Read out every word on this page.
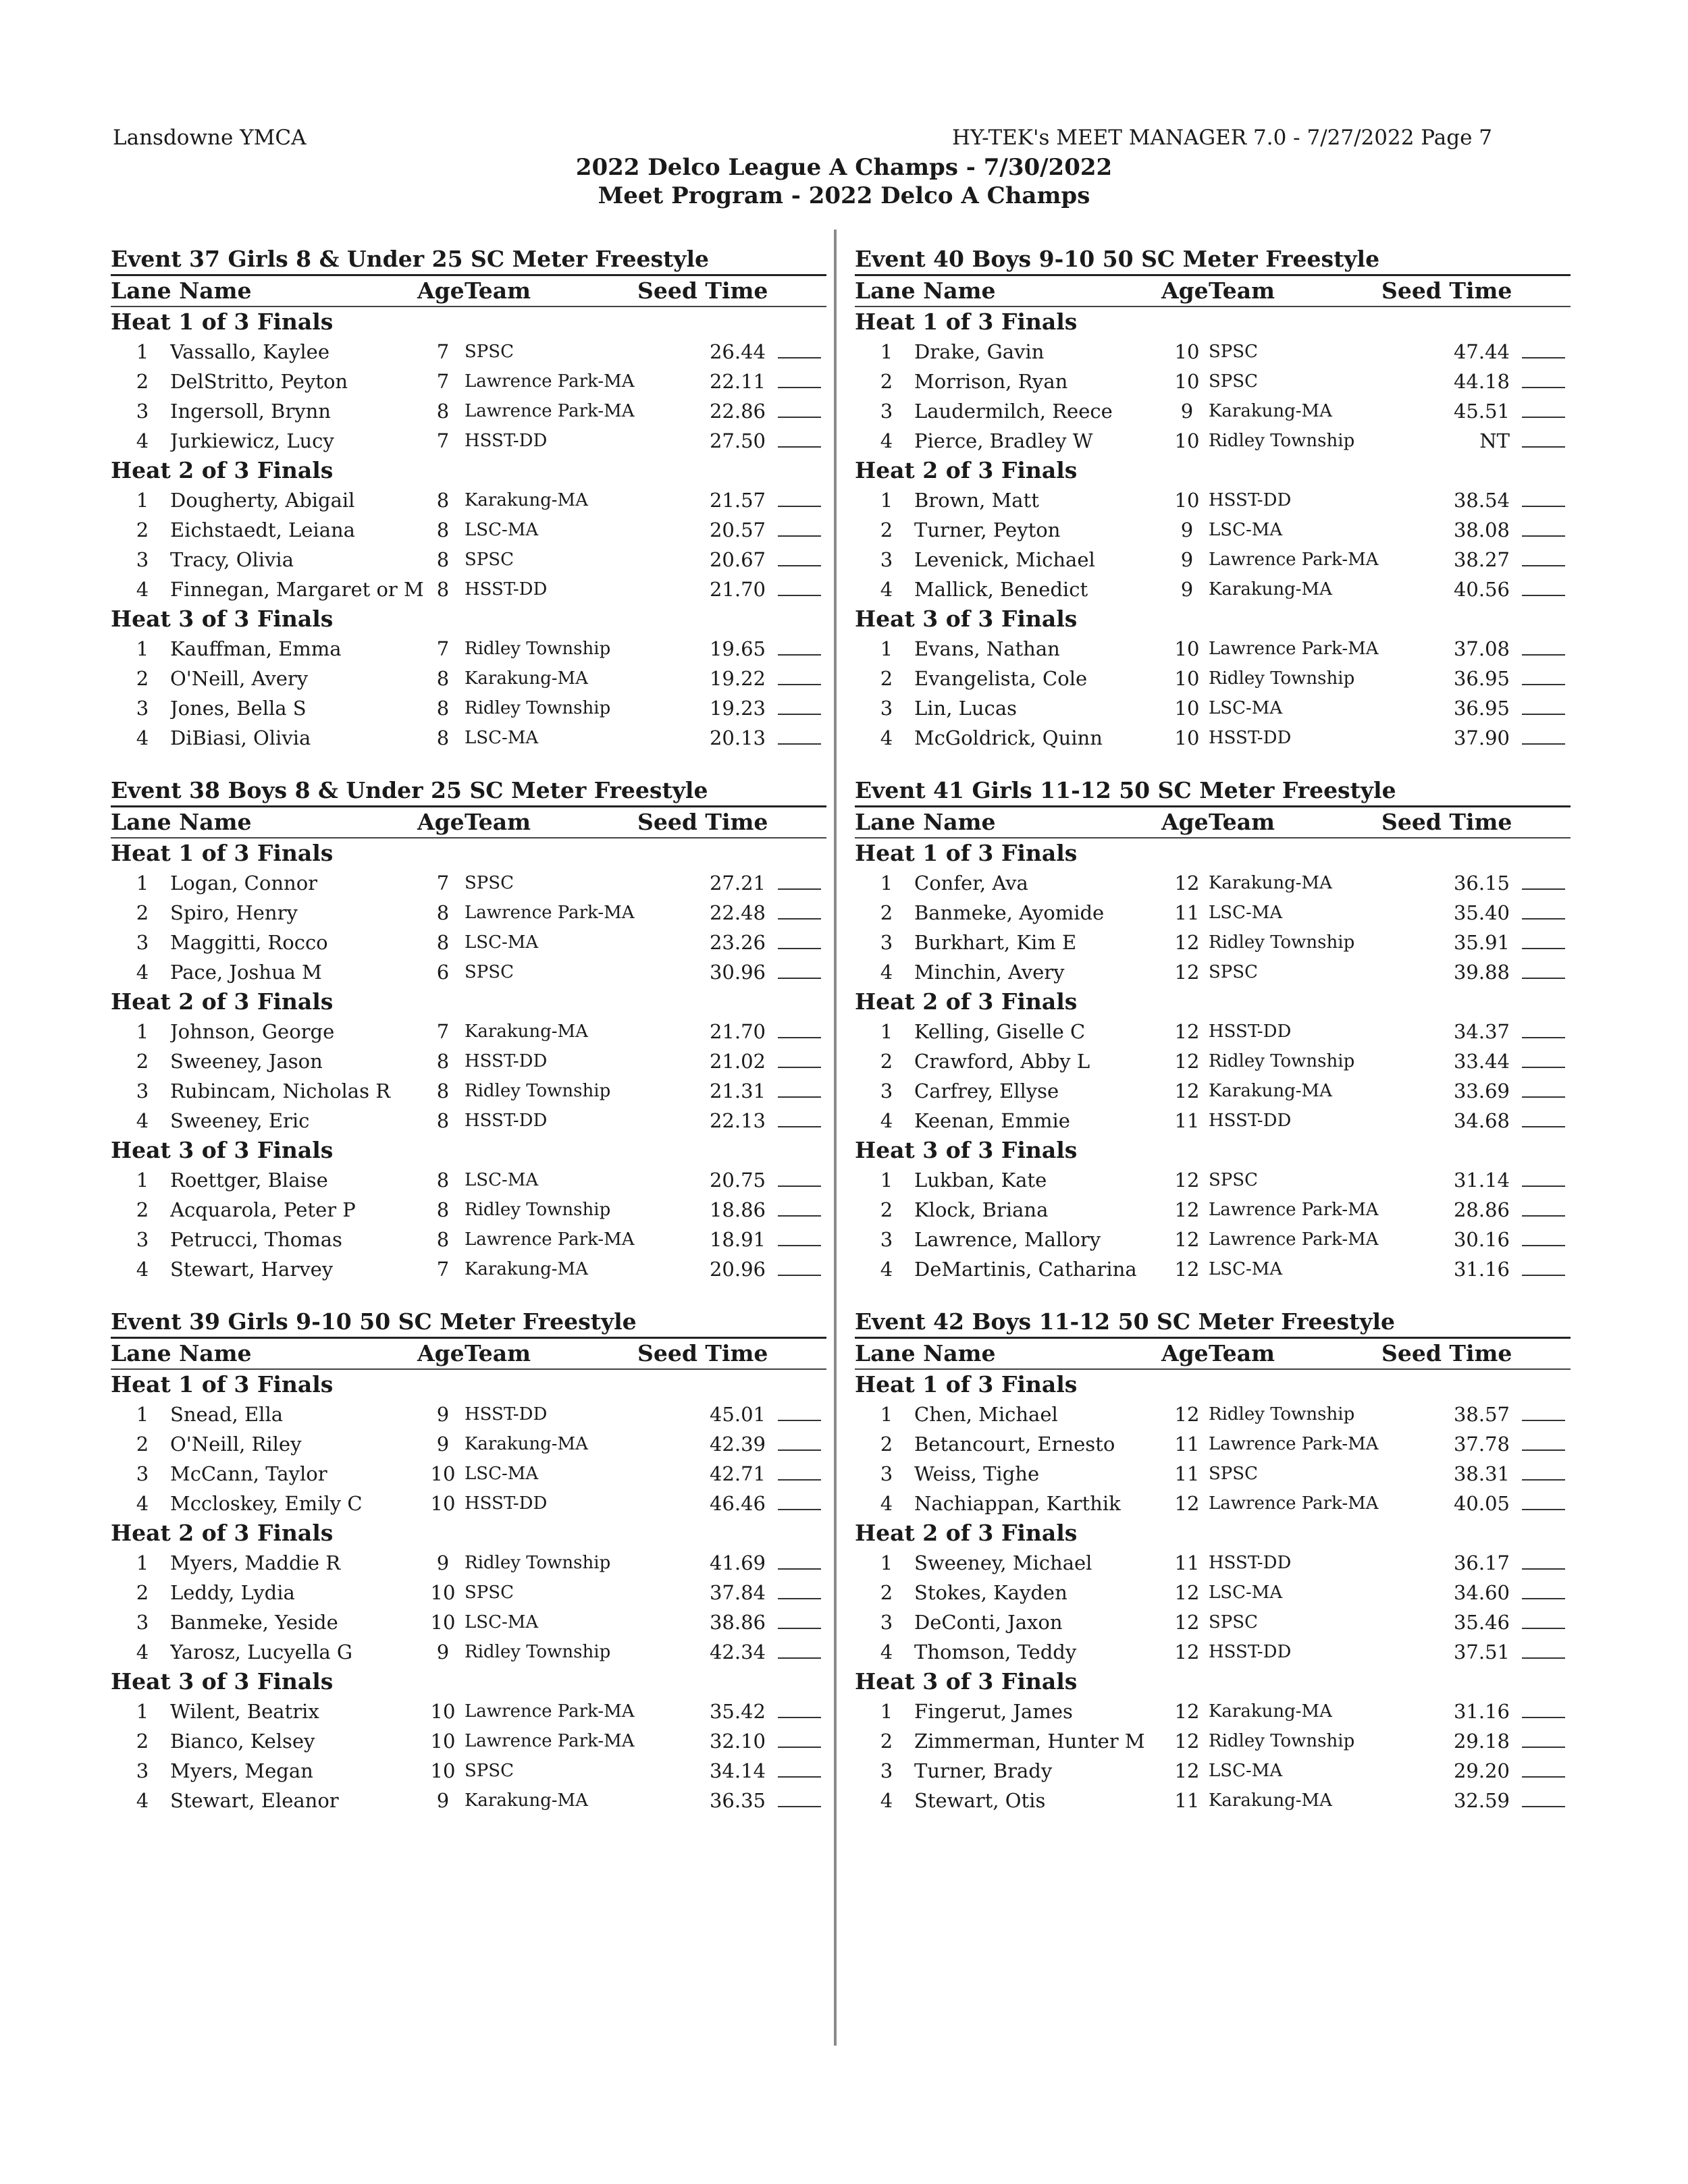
Lansdowne YMCA	HY-TEK's MEET MANAGER 7.0 - 7/27/2022 Page 7
2022 Delco League A Champs - 7/30/2022
Meet Program - 2022 Delco A Champs
Event 37 Girls 8 & Under 25 SC Meter Freestyle
Lane Name	Age Team	Seed Time
Heat 1 of 3 Finals
1 Vassallo, Kaylee	7 SPSC	26.44
2 DelStritto, Peyton	7 Lawrence Park-MA	22.11
3 Ingersoll, Brynn	8 Lawrence Park-MA	22.86
4 Jurkiewicz, Lucy	7 HSST-DD	27.50
Heat 2 of 3 Finals
1 Dougherty, Abigail	8 Karakung-MA	21.57
2 Eichstaedt, Leiana	8 LSC-MA	20.57
3 Tracy, Olivia	8 SPSC	20.67
4 Finnegan, Margaret or M 8 HSST-DD	21.70
Heat 3 of 3 Finals
1 Kauffman, Emma	7 Ridley Township	19.65
2 O'Neill, Avery	8 Karakung-MA	19.22
3 Jones, Bella S	8 Ridley Township	19.23
4 DiBiasi, Olivia	8 LSC-MA	20.13
Event 38 Boys 8 & Under 25 SC Meter Freestyle
Lane Name	Age Team	Seed Time
Heat 1 of 3 Finals
1 Logan, Connor	7 SPSC	27.21
2 Spiro, Henry	8 Lawrence Park-MA	22.48
3 Maggitti, Rocco	8 LSC-MA	23.26
4 Pace, Joshua M	6 SPSC	30.96
Heat 2 of 3 Finals
1 Johnson, George	7 Karakung-MA	21.70
2 Sweeney, Jason	8 HSST-DD	21.02
3 Rubincam, Nicholas R	8 Ridley Township	21.31
4 Sweeney, Eric	8 HSST-DD	22.13
Heat 3 of 3 Finals
1 Roettger, Blaise	8 LSC-MA	20.75
2 Acquarola, Peter P	8 Ridley Township	18.86
3 Petrucci, Thomas	8 Lawrence Park-MA	18.91
4 Stewart, Harvey	7 Karakung-MA	20.96
Event 39 Girls 9-10 50 SC Meter Freestyle
Lane Name	Age Team	Seed Time
Heat 1 of 3 Finals
1 Snead, Ella	9 HSST-DD	45.01
2 O'Neill, Riley	9 Karakung-MA	42.39
3 McCann, Taylor	10 LSC-MA	42.71
4 Mccloskey, Emily C	10 HSST-DD	46.46
Heat 2 of 3 Finals
1 Myers, Maddie R	9 Ridley Township	41.69
2 Leddy, Lydia	10 SPSC	37.84
3 Banmeke, Yeside	10 LSC-MA	38.86
4 Yarosz, Lucyella G	9 Ridley Township	42.34
Heat 3 of 3 Finals
1 Wilent, Beatrix	10 Lawrence Park-MA	35.42
2 Bianco, Kelsey	10 Lawrence Park-MA	32.10
3 Myers, Megan	10 SPSC	34.14
4 Stewart, Eleanor	9 Karakung-MA	36.35
Event 40 Boys 9-10 50 SC Meter Freestyle
Lane Name	Age Team	Seed Time
Heat 1 of 3 Finals
1 Drake, Gavin	10 SPSC	47.44
2 Morrison, Ryan	10 SPSC	44.18
3 Laudermilch, Reece	9 Karakung-MA	45.51
4 Pierce, Bradley W	10 Ridley Township	NT
Heat 2 of 3 Finals
1 Brown, Matt	10 HSST-DD	38.54
2 Turner, Peyton	9 LSC-MA	38.08
3 Levenick, Michael	9 Lawrence Park-MA	38.27
4 Mallick, Benedict	9 Karakung-MA	40.56
Heat 3 of 3 Finals
1 Evans, Nathan	10 Lawrence Park-MA	37.08
2 Evangelista, Cole	10 Ridley Township	36.95
3 Lin, Lucas	10 LSC-MA	36.95
4 McGoldrick, Quinn	10 HSST-DD	37.90
Event 41 Girls 11-12 50 SC Meter Freestyle
Lane Name	Age Team	Seed Time
Heat 1 of 3 Finals
1 Confer, Ava	12 Karakung-MA	36.15
2 Banmeke, Ayomide	11 LSC-MA	35.40
3 Burkhart, Kim E	12 Ridley Township	35.91
4 Minchin, Avery	12 SPSC	39.88
Heat 2 of 3 Finals
1 Kelling, Giselle C	12 HSST-DD	34.37
2 Crawford, Abby L	12 Ridley Township	33.44
3 Carfrey, Ellyse	12 Karakung-MA	33.69
4 Keenan, Emmie	11 HSST-DD	34.68
Heat 3 of 3 Finals
1 Lukban, Kate	12 SPSC	31.14
2 Klock, Briana	12 Lawrence Park-MA	28.86
3 Lawrence, Mallory	12 Lawrence Park-MA	30.16
4 DeMartinis, Catharina	12 LSC-MA	31.16
Event 42 Boys 11-12 50 SC Meter Freestyle
Lane Name	Age Team	Seed Time
Heat 1 of 3 Finals
1 Chen, Michael	12 Ridley Township	38.57
2 Betancourt, Ernesto	11 Lawrence Park-MA	37.78
3 Weiss, Tighe	11 SPSC	38.31
4 Nachiappan, Karthik	12 Lawrence Park-MA	40.05
Heat 2 of 3 Finals
1 Sweeney, Michael	11 HSST-DD	36.17
2 Stokes, Kayden	12 LSC-MA	34.60
3 DeConti, Jaxon	12 SPSC	35.46
4 Thomson, Teddy	12 HSST-DD	37.51
Heat 3 of 3 Finals
1 Fingerut, James	12 Karakung-MA	31.16
2 Zimmerman, Hunter M	12 Ridley Township	29.18
3 Turner, Brady	12 LSC-MA	29.20
4 Stewart, Otis	11 Karakung-MA	32.59
